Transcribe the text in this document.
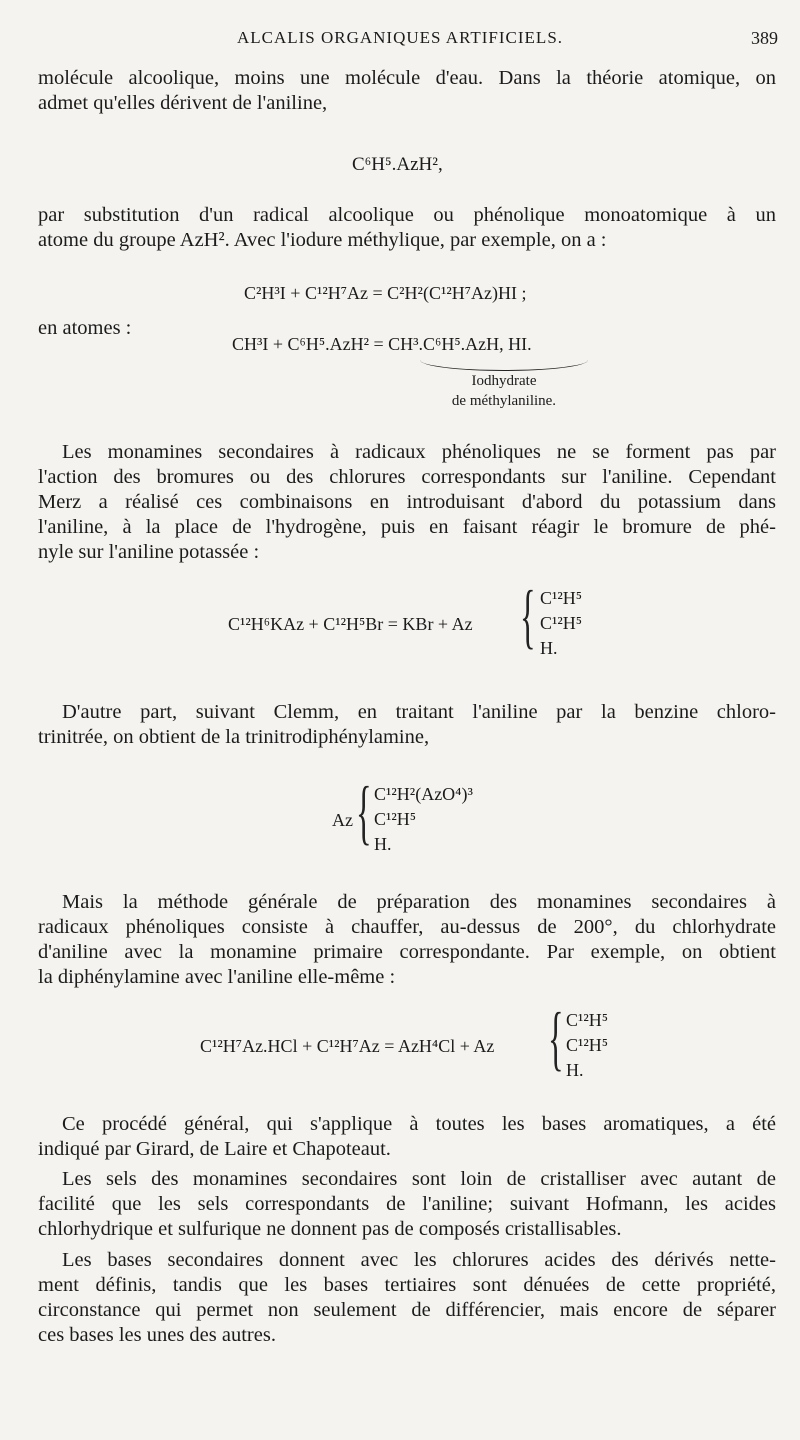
ALCALIS ORGANIQUES ARTIFICIELS.	389
molécule alcoolique, moins une molécule d'eau. Dans la théorie atomique, on
admet qu'elles dérivent de l'aniline,
C⁶H⁵.AzH²,
par substitution d'un radical alcoolique ou phénolique monoatomique à un
atome du groupe AzH². Avec l'iodure méthylique, par exemple, on a :
C²H³I + C¹²H⁷Az = C²H²(C¹²H⁷Az)HI ;
en atomes :
CH³I + C⁶H⁵.AzH² = CH³.C⁶H⁵.AzH, HI.
Iodhydrate
de méthylaniline.
Les monamines secondaires à radicaux phénoliques ne se forment pas par
l'action des bromures ou des chlorures correspondants sur l'aniline. Cependant
Merz a réalisé ces combinaisons en introduisant d'abord du potassium dans
l'aniline, à la place de l'hydrogène, puis en faisant réagir le bromure de phé-
nyle sur l'aniline potassée :
C¹²H⁶KAz + C¹²H⁵Br = KBr + Az { C¹²H⁵
C¹²H⁵
H.
D'autre part, suivant Clemm, en traitant l'aniline par la benzine chloro-
trinitrée, on obtient de la trinitrodiphénylamine,
Az { C¹²H²(AzO⁴)³
C¹²H⁵
H.
Mais la méthode générale de préparation des monamines secondaires à
radicaux phénoliques consiste à chauffer, au-dessus de 200°, du chlorhydrate
d'aniline avec la monamine primaire correspondante. Par exemple, on obtient
la diphénylamine avec l'aniline elle-même :
C¹²H⁷Az.HCl + C¹²H⁷Az = AzH⁴Cl + Az { C¹²H⁵
C¹²H⁵
H.
Ce procédé général, qui s'applique à toutes les bases aromatiques, a été
indiqué par Girard, de Laire et Chapoteaut.
Les sels des monamines secondaires sont loin de cristalliser avec autant de
facilité que les sels correspondants de l'aniline; suivant Hofmann, les acides
chlorhydrique et sulfurique ne donnent pas de composés cristallisables.
Les bases secondaires donnent avec les chlorures acides des dérivés nette-
ment définis, tandis que les bases tertiaires sont dénuées de cette propriété,
circonstance qui permet non seulement de différencier, mais encore de séparer
ces bases les unes des autres.
